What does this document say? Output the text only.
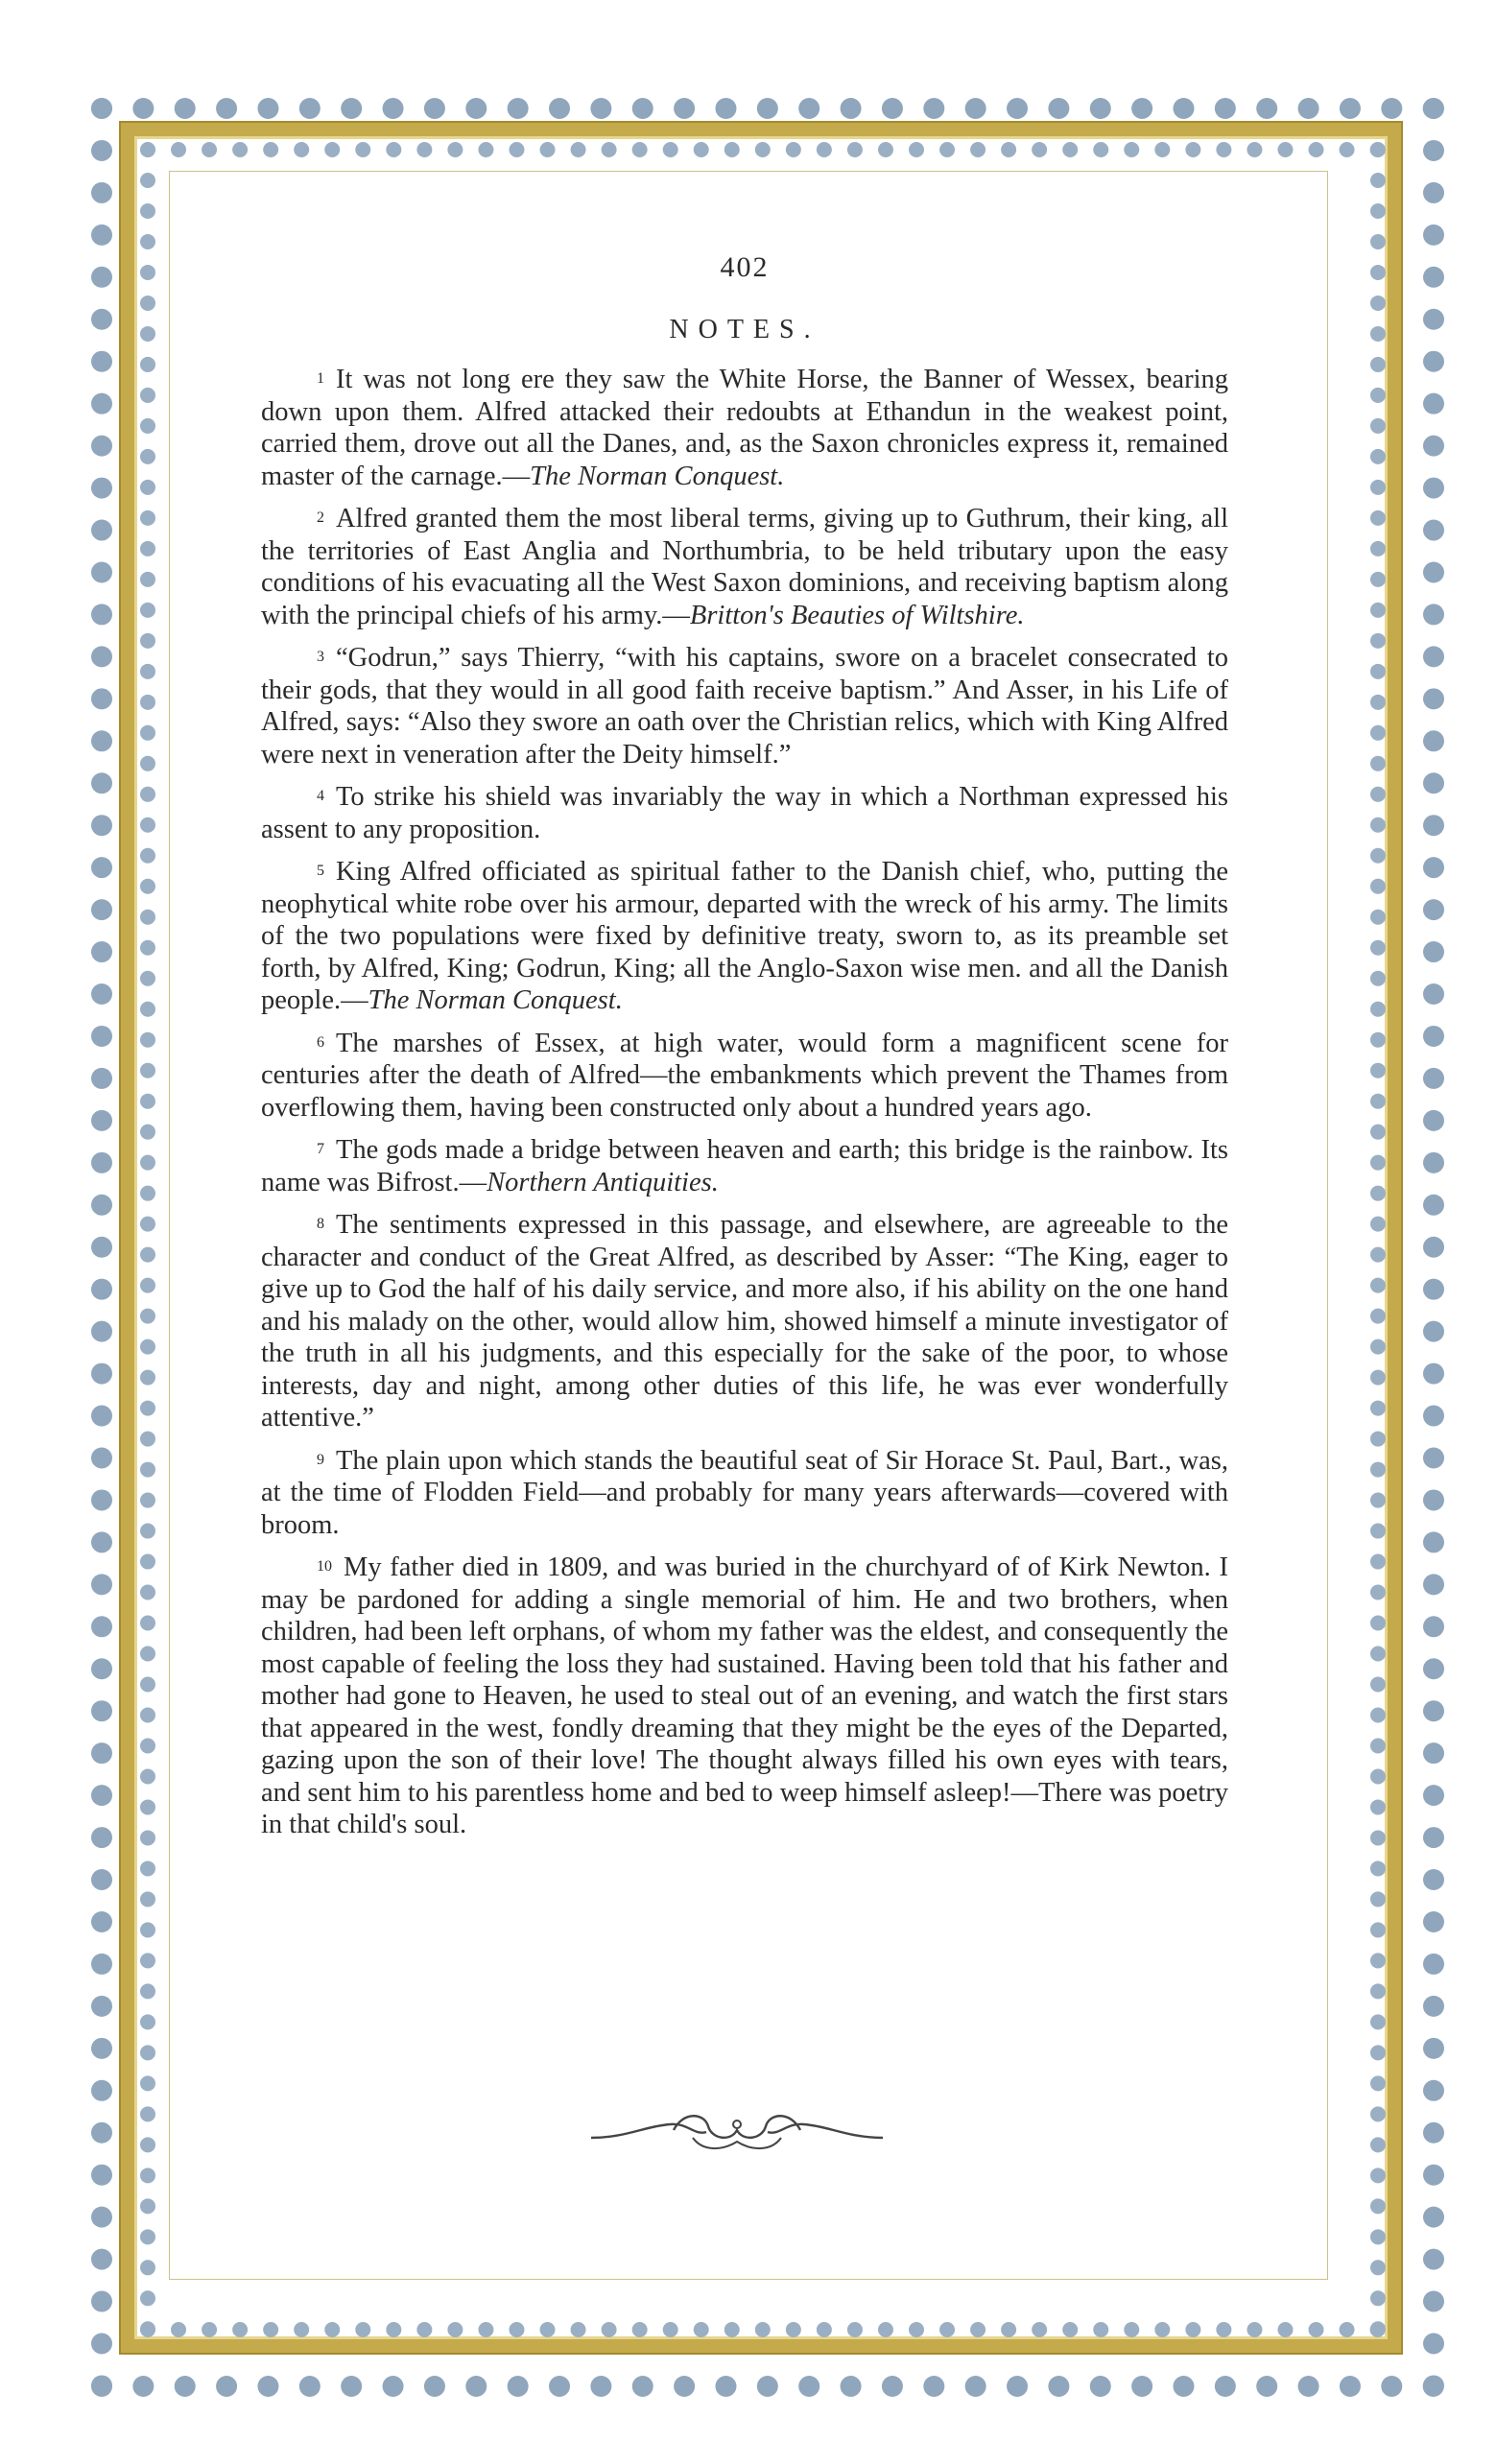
402
NOTES.

1 It was not long ere they saw the White Horse, the Banner of Wessex, bearing down upon them. Alfred attacked their redoubts at Ethandun in the weakest point, carried them, drove out all the Danes, and, as the Saxon chronicles express it, remained master of the carnage.—The Norman Conquest.

2 Alfred granted them the most liberal terms, giving up to Guthrum, their king, all the territories of East Anglia and Northumbria, to be held tributary upon the easy conditions of his evacuating all the West Saxon dominions, and receiving baptism along with the principal chiefs of his army.—Britton's Beauties of Wiltshire.

3 “Godrun,” says Thierry, “with his captains, swore on a bracelet consecrated to their gods, that they would in all good faith receive baptism.” And Asser, in his Life of Alfred, says: “Also they swore an oath over the Christian relics, which with King Alfred were next in veneration after the Deity himself.”

4 To strike his shield was invariably the way in which a Northman expressed his assent to any proposition.

5 King Alfred officiated as spiritual father to the Danish chief, who, putting the neophytical white robe over his armour, departed with the wreck of his army. The limits of the two populations were fixed by definitive treaty, sworn to, as its preamble set forth, by Alfred, King; Godrun, King; all the Anglo-Saxon wise men. and all the Danish people.—The Norman Conquest.

6 The marshes of Essex, at high water, would form a magnificent scene for centuries after the death of Alfred—the embankments which prevent the Thames from overflowing them, having been constructed only about a hundred years ago.

7 The gods made a bridge between heaven and earth; this bridge is the rainbow. Its name was Bifrost.—Northern Antiquities.

8 The sentiments expressed in this passage, and elsewhere, are agreeable to the character and conduct of the Great Alfred, as described by Asser: “The King, eager to give up to God the half of his daily service, and more also, if his ability on the one hand and his malady on the other, would allow him, showed himself a minute investigator of the truth in all his judgments, and this especially for the sake of the poor, to whose interests, day and night, among other duties of this life, he was ever wonderfully attentive.”

9 The plain upon which stands the beautiful seat of Sir Horace St. Paul, Bart., was, at the time of Flodden Field—and probably for many years afterwards—covered with broom.

10 My father died in 1809, and was buried in the churchyard of of Kirk Newton. I may be pardoned for adding a single memorial of him. He and two brothers, when children, had been left orphans, of whom my father was the eldest, and consequently the most capable of feeling the loss they had sustained. Having been told that his father and mother had gone to Heaven, he used to steal out of an evening, and watch the first stars that appeared in the west, fondly dreaming that they might be the eyes of the Departed, gazing upon the son of their love! The thought always filled his own eyes with tears, and sent him to his parentless home and bed to weep himself asleep!—There was poetry in that child's soul.
